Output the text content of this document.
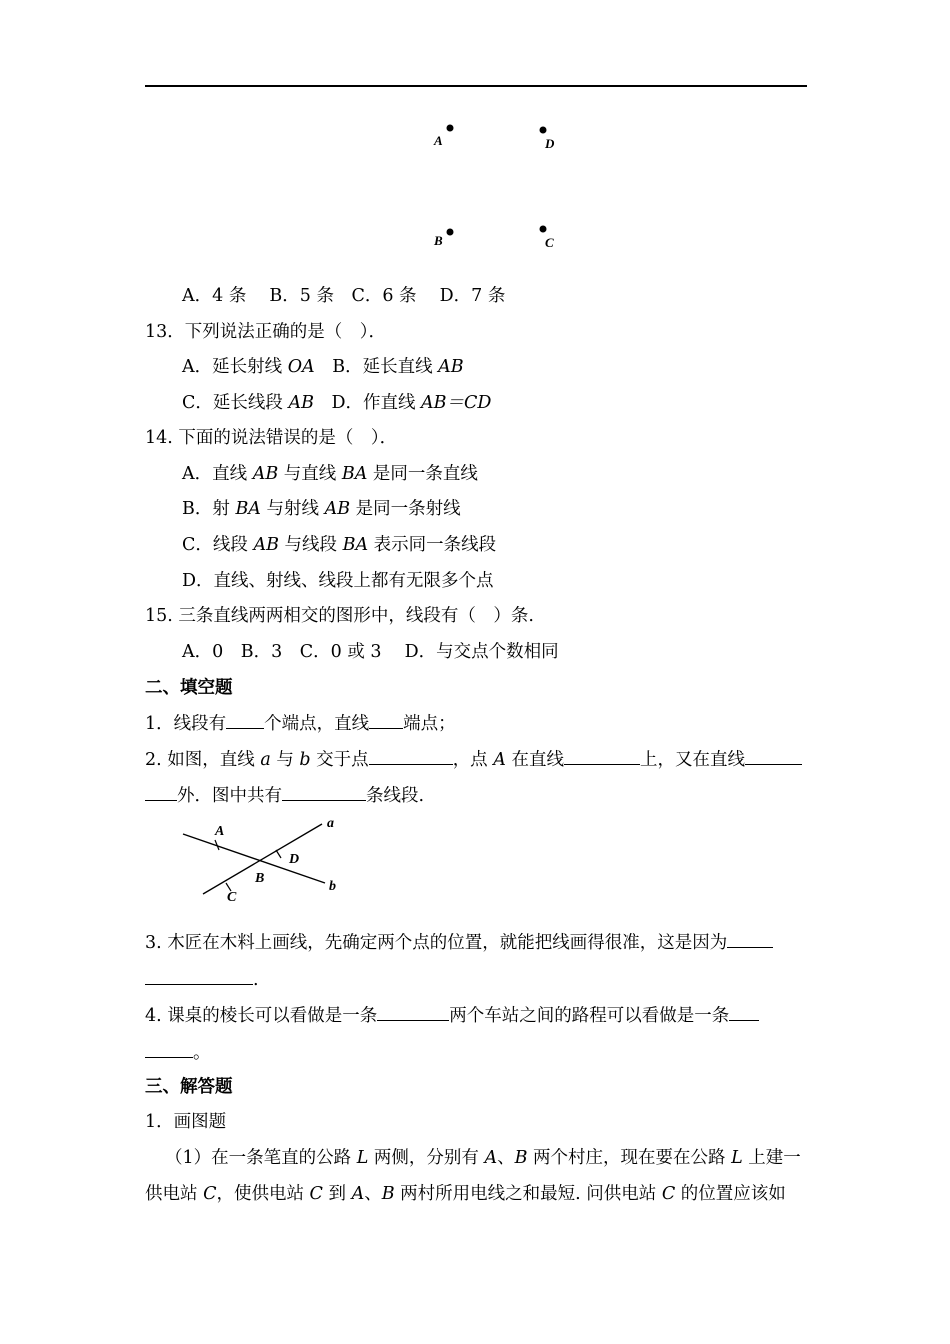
A	D
B	C
A．4 条　 B．5 条　C．6 条　 D．7 条
13．下列说法正确的是（　）．
A．延长射线 OA　B．延长直线 AB
C．延长线段 AB　D．作直线 AB＝CD
14. 下面的说法错误的是（　）．
A．直线 AB 与直线 BA 是同一条直线
B．射 BA 与射线 AB 是同一条射线
C．线段 AB 与线段 BA 表示同一条线段
D．直线、射线、线段上都有无限多个点
15. 三条直线两两相交的图形中，线段有（　）条.
A．0　B．3　C．0 或 3　 D．与交点个数相同
二、填空题
1．线段有 个端点，直线 端点；
2. 如图，直线 a 与 b 交于点	，点 A 在直线	上，又在直线
外．图中共有	条线段.
A
D
B
C
a
b
3. 木匠在木料上画线，先确定两个点的位置，就能把线画得很准，这是因为
.
4. 课桌的棱长可以看做是一条	两个车站之间的路程可以看做是一条
。
三、解答题
1．画图题
（1）在一条笔直的公路 L 两侧，分别有 A、B 两个村庄，现在要在公路 L 上建一
供电站 C，使供电站 C 到 A、B 两村所用电线之和最短. 问供电站 C 的位置应该如
